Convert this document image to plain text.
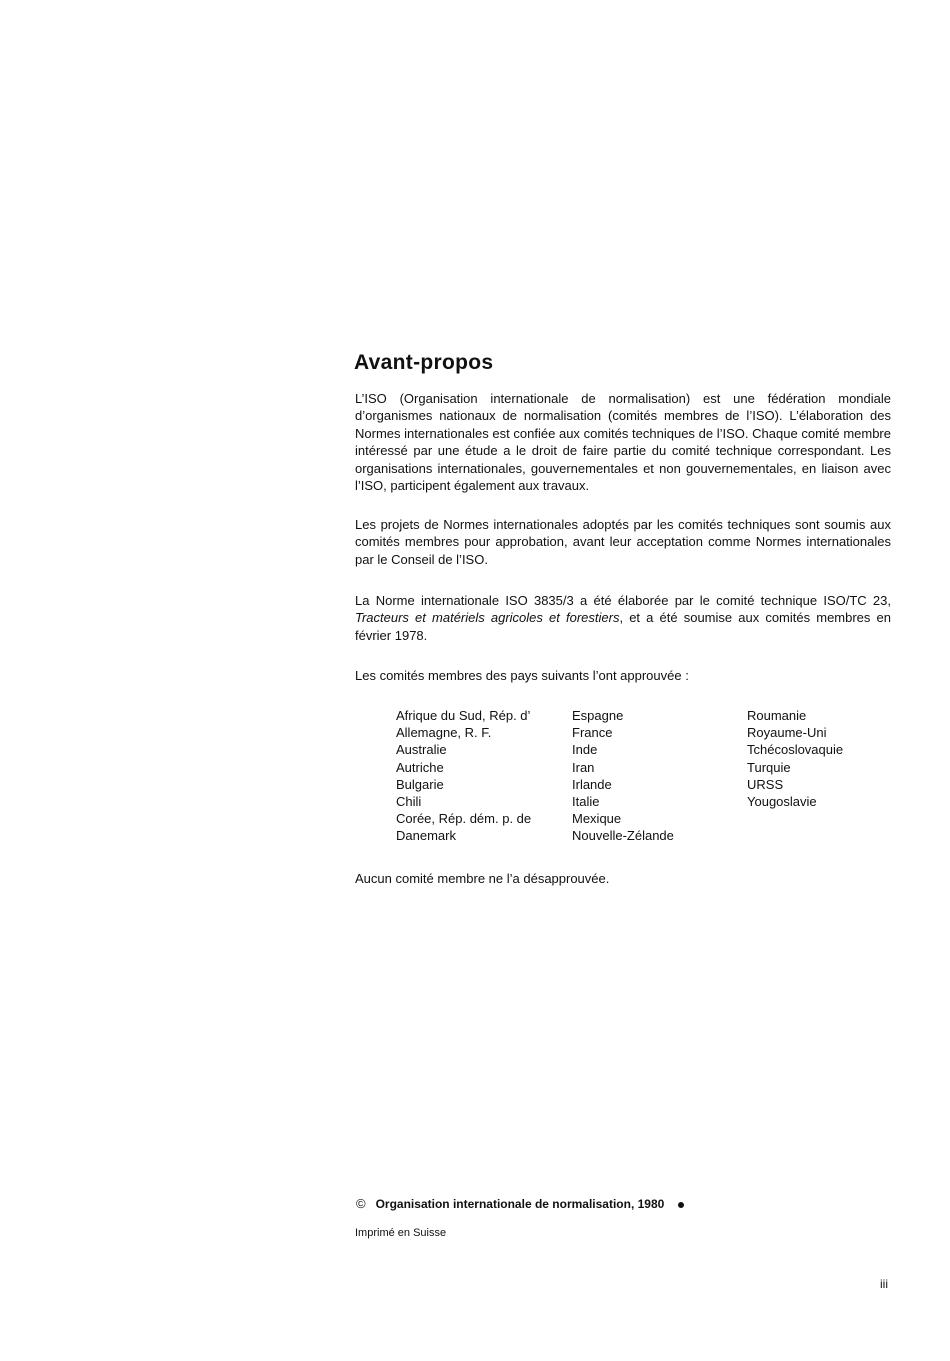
Avant-propos

L’ISO (Organisation internationale de normalisation) est une fédération mondiale d’organismes nationaux de normalisation (comités membres de l’ISO). L’élaboration des Normes internationales est confiée aux comités techniques de l’ISO. Chaque comité membre intéressé par une étude a le droit de faire partie du comité technique correspondant. Les organisations internationales, gouvernementales et non gouvernementales, en liaison avec l’ISO, participent également aux travaux.

Les projets de Normes internationales adoptés par les comités techniques sont soumis aux comités membres pour approbation, avant leur acceptation comme Normes internationales par le Conseil de l’ISO.

La Norme internationale ISO 3835/3 a été élaborée par le comité technique ISO/TC 23, Tracteurs et matériels agricoles et forestiers, et a été soumise aux comités membres en février 1978.

Les comités membres des pays suivants l’ont approuvée :

Afrique du Sud, Rép. d’
Allemagne, R. F.
Australie
Autriche
Bulgarie
Chili
Corée, Rép. dém. p. de
Danemark
Espagne
France
Inde
Iran
Irlande
Italie
Mexique
Nouvelle-Zélande
Roumanie
Royaume-Uni
Tchécoslovaquie
Turquie
URSS
Yougoslavie

Aucun comité membre ne l’a désapprouvée.

© Organisation internationale de normalisation, 1980
Imprimé en Suisse
iii
